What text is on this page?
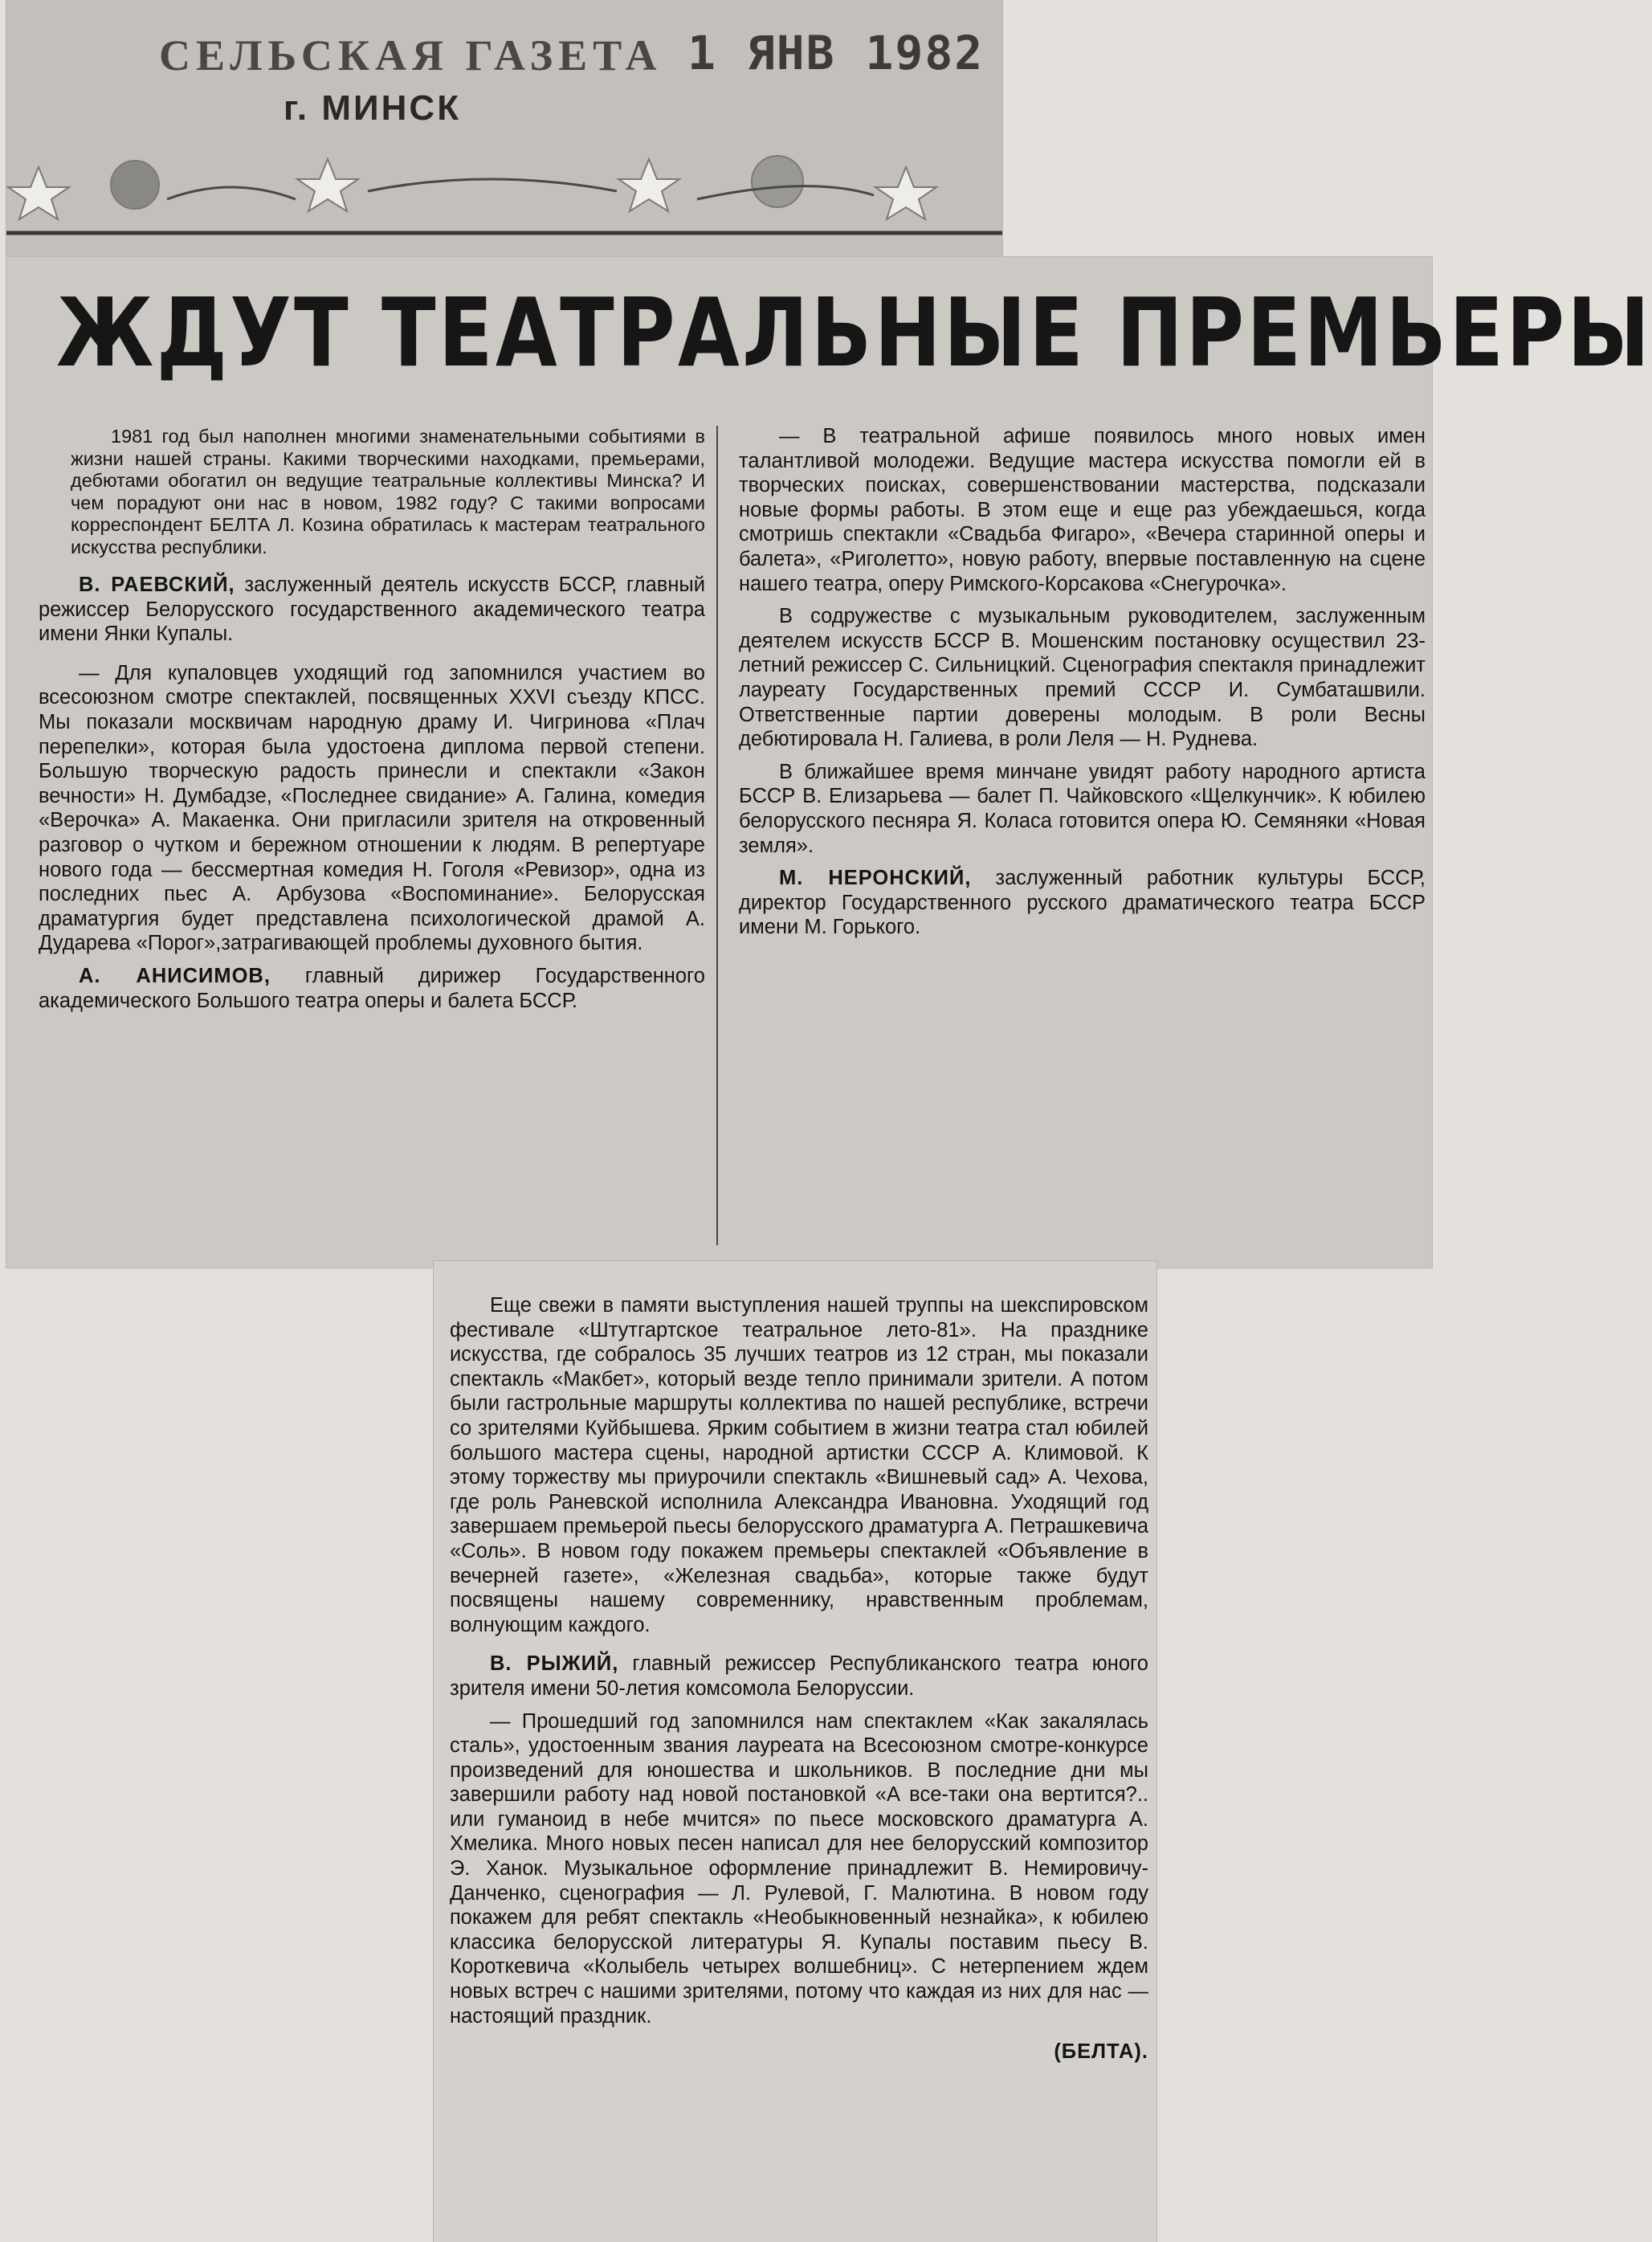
СЕЛЬСКАЯ ГАЗЕТА
г. МИНСК
1 ЯНВ 1982
ЖДУТ ТЕАТРАЛЬНЫЕ ПРЕМЬЕРЫ

1981 год был наполнен многими знаменательными событиями в жизни нашей страны. Какими творческими находками, премьерами, дебютами обогатил он ведущие театральные коллективы Минска? И чем порадуют они нас в новом, 1982 году? С такими вопросами корреспондент БЕЛТА Л. Козина обратилась к мастерам театрального искусства республики.

В. РАЕВСКИЙ, заслуженный деятель искусств БССР, главный режиссер Белорусского государственного академического театра имени Янки Купалы.

— Для купаловцев уходящий год запомнился участием во всесоюзном смотре спектаклей, посвященных XXVI съезду КПСС. Мы показали москвичам народную драму И. Чигринова «Плач перепелки», которая была удостоена диплома первой степени. Большую творческую радость принесли и спектакли «Закон вечности» Н. Думбадзе, «Последнее свидание» А. Галина, комедия «Верочка» А. Макаенка. Они пригласили зрителя на откровенный разговор о чутком и бережном отношении к людям. В репертуаре нового года — бессмертная комедия Н. Гоголя «Ревизор», одна из последних пьес А. Арбузова «Воспоминание». Белорусская драматургия будет представлена психологической драмой А. Дударева «Порог»,затрагивающей проблемы духовного бытия.

А. АНИСИМОВ, главный дирижер Государственного академического Большого театра оперы и балета БССР.

— В театральной афише появилось много новых имен талантливой молодежи. Ведущие мастера искусства помогли ей в творческих поисках, совершенствовании мастерства, подсказали новые формы работы. В этом еще и еще раз убеждаешься, когда смотришь спектакли «Свадьба Фигаро», «Вечера старинной оперы и балета», «Риголетто», новую работу, впервые поставленную на сцене нашего театра, оперу Римского-Корсакова «Снегурочка».

В содружестве с музыкальным руководителем, заслуженным деятелем искусств БССР В. Мошенским постановку осуществил 23-летний режиссер С. Сильницкий. Сценография спектакля принадлежит лауреату Государственных премий СССР И. Сумбаташвили. Ответственные партии доверены молодым. В роли Весны дебютировала Н. Галиева, в роли Леля — Н. Руднева.

В ближайшее время минчане увидят работу народного артиста БССР В. Елизарьева — балет П. Чайковского «Щелкунчик». К юбилею белорусского песняра Я. Коласа готовится опера Ю. Семяняки «Новая земля».

М. НЕРОНСКИЙ, заслуженный работник культуры БССР, директор Государственного русского драматического театра БССР имени М. Горького.

Еще свежи в памяти выступления нашей труппы на шекспировском фестивале «Штутгартское театральное лето-81». На празднике искусства, где собралось 35 лучших театров из 12 стран, мы показали спектакль «Макбет», который везде тепло принимали зрители. А потом были гастрольные маршруты коллектива по нашей республике, встречи со зрителями Куйбышева. Ярким событием в жизни театра стал юбилей большого мастера сцены, народной артистки СССР А. Климовой. К этому торжеству мы приурочили спектакль «Вишневый сад» А. Чехова, где роль Раневской исполнила Александра Ивановна. Уходящий год завершаем премьерой пьесы белорусского драматурга А. Петрашкевича «Соль». В новом году покажем премьеры спектаклей «Объявление в вечерней газете», «Железная свадьба», которые также будут посвящены нашему современнику, нравственным проблемам, волнующим каждого.

В. РЫЖИЙ, главный режиссер Республиканского театра юного зрителя имени 50-летия комсомола Белоруссии.

— Прошедший год запомнился нам спектаклем «Как закалялась сталь», удостоенным звания лауреата на Всесоюзном смотре-конкурсе произведений для юношества и школьников. В последние дни мы завершили работу над новой постановкой «А все-таки она вертится?.. или гуманоид в небе мчится» по пьесе московского драматурга А. Хмелика. Много новых песен написал для нее белорусский композитор Э. Ханок. Музыкальное оформление принадлежит В. Немировичу-Данченко, сценография — Л. Рулевой, Г. Малютина. В новом году покажем для ребят спектакль «Необыкновенный незнайка», к юбилею классика белорусской литературы Я. Купалы поставим пьесу В. Короткевича «Колыбель четырех волшебниц». С нетерпением ждем новых встреч с нашими зрителями, потому что каждая из них для нас — настоящий праздник.

(БЕЛТА).
